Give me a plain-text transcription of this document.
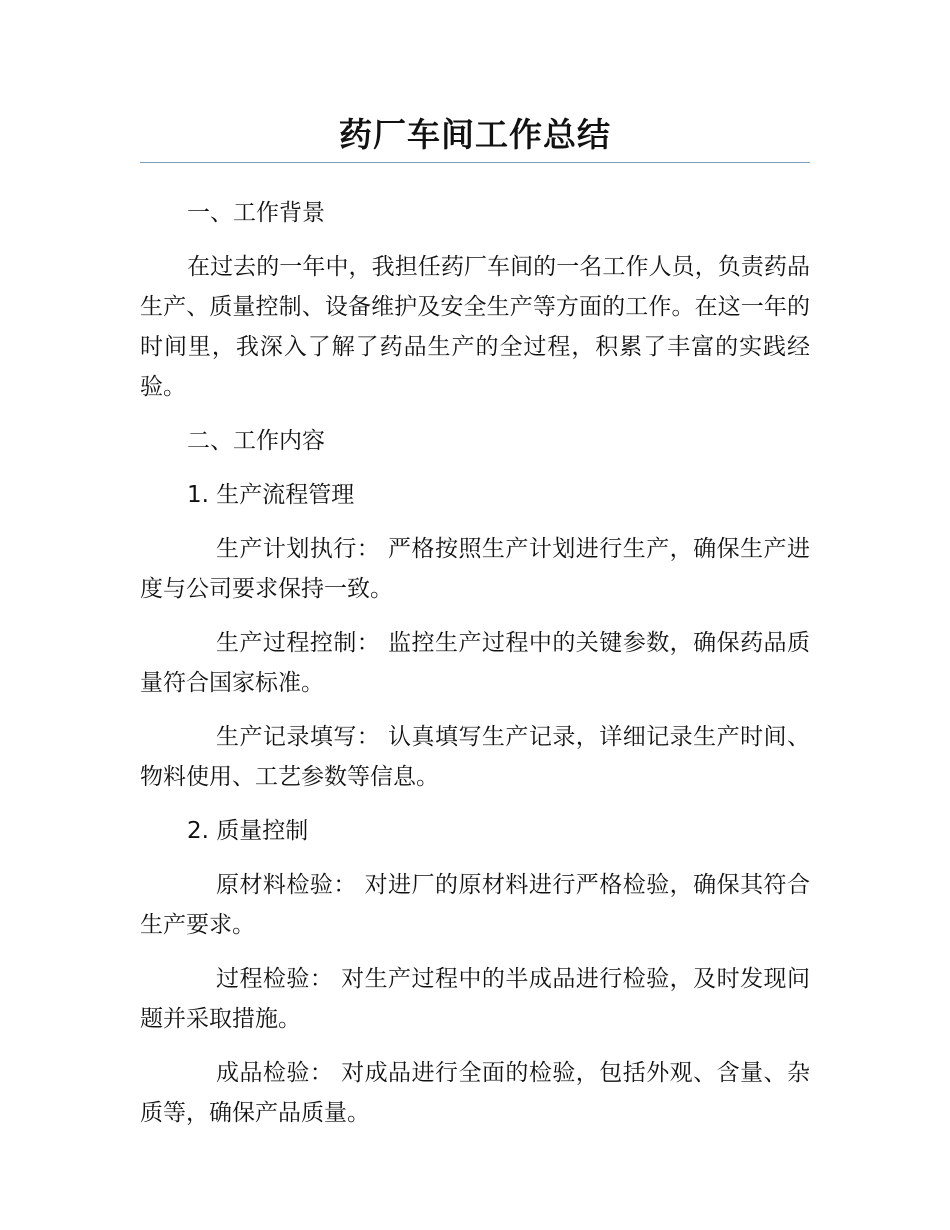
药厂车间工作总结

一、工作背景

在过去的一年中，我担任药厂车间的一名工作人员，负责药品生产、质量控制、设备维护及安全生产等方面的工作。在这一年的时间里，我深入了解了药品生产的全过程，积累了丰富的实践经验。

二、工作内容

1. 生产流程管理

生产计划执行： 严格按照生产计划进行生产，确保生产进度与公司要求保持一致。

生产过程控制： 监控生产过程中的关键参数，确保药品质量符合国家标准。

生产记录填写： 认真填写生产记录，详细记录生产时间、物料使用、工艺参数等信息。

2. 质量控制

原材料检验： 对进厂的原材料进行严格检验，确保其符合生产要求。

过程检验： 对生产过程中的半成品进行检验，及时发现问题并采取措施。

成品检验： 对成品进行全面的检验，包括外观、含量、杂质等，确保产品质量。
